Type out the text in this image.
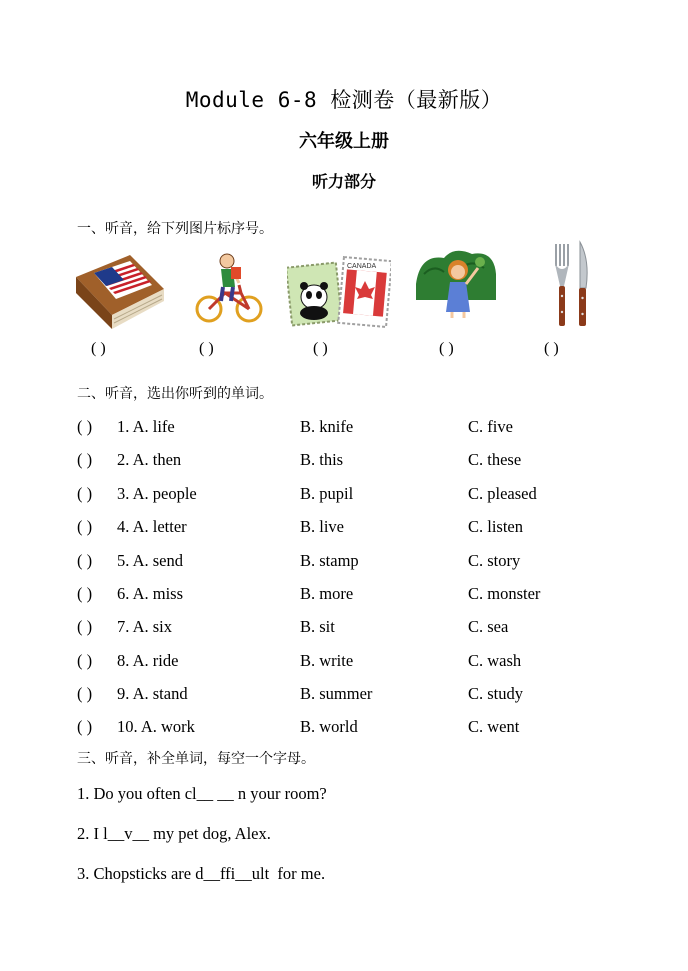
Module 6-8 检测卷（最新版）
六年级上册
听力部分
一、听音，给下列图片标序号。
CANADA
( )	( )	( )	( )	( )
二、听音，选出你听到的单词。
( ) 1. A. life	B. knife	C. five
( ) 2. A. then	B. this	C. these
( ) 3. A. people	B. pupil	C. pleased
( ) 4. A. letter	B. live	C. listen
( ) 5. A. send	B. stamp	C. story
( ) 6. A. miss	B. more	C. monster
( ) 7. A. six	B. sit	C. sea
( ) 8. A. ride	B. write	C. wash
( ) 9. A. stand	B. summer	C. study
( ) 10. A. work	B. world	C. went
三、听音，补全单词，每空一个字母。
1. Do you often cl__ __ n your room?
2. I l__v__ my pet dog, Alex.
3. Chopsticks are d__ffi__ult  for me.
